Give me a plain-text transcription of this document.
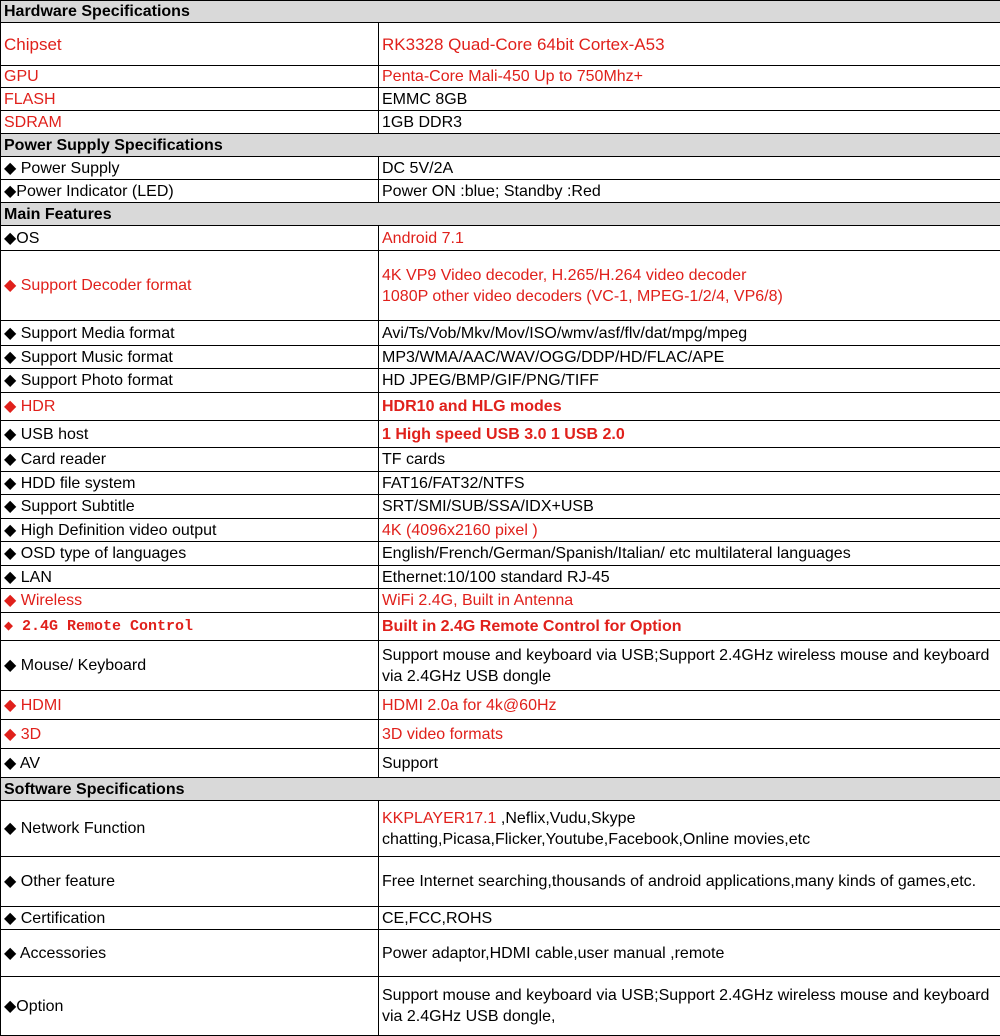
Hardware Specifications	
Chipset	RK3328 Quad-Core 64bit Cortex-A53
GPU	Penta-Core Mali-450 Up to 750Mhz+
FLASH	EMMC 8GB
SDRAM	1GB DDR3
Power Supply Specifications	
◆ Power Supply	DC 5V/2A
◆Power Indicator (LED)	Power ON :blue; Standby :Red
Main Features	
◆OS	Android 7.1
◆ Support Decoder format	4K VP9 Video decoder, H.265/H.264 video decoder
1080P other video decoders (VC-1, MPEG-1/2/4, VP6/8)
◆ Support Media format	Avi/Ts/Vob/Mkv/Mov/ISO/wmv/asf/flv/dat/mpg/mpeg
◆ Support Music format	MP3/WMA/AAC/WAV/OGG/DDP/HD/FLAC/APE
◆ Support Photo format	HD JPEG/BMP/GIF/PNG/TIFF
◆ HDR	HDR10 and HLG modes
◆ USB host	1 High speed USB 3.0 1 USB 2.0
◆ Card reader	TF cards
◆ HDD file system	FAT16/FAT32/NTFS
◆ Support Subtitle	SRT/SMI/SUB/SSA/IDX+USB
◆ High Definition video output	4K (4096x2160 pixel )
◆ OSD type of languages	English/French/German/Spanish/Italian/ etc multilateral languages
◆ LAN	Ethernet:10/100 standard RJ-45
◆ Wireless	WiFi 2.4G, Built in Antenna
◆ 2.4G Remote Control	Built in 2.4G Remote Control for Option
◆ Mouse/ Keyboard	Support mouse and keyboard via USB;Support 2.4GHz wireless mouse and keyboard via 2.4GHz USB dongle
◆ HDMI	HDMI 2.0a for 4k@60Hz
◆ 3D	3D video formats
◆ AV	Support
Software Specifications	
◆ Network Function	KKPLAYER17.1 ,Neflix,Vudu,Skype
chatting,Picasa,Flicker,Youtube,Facebook,Online movies,etc
◆ Other feature	Free Internet searching,thousands of android applications,many kinds of games,etc.
◆ Certification	CE,FCC,ROHS
◆ Accessories	Power adaptor,HDMI cable,user manual ,remote
◆Option	Support mouse and keyboard via USB;Support 2.4GHz wireless mouse and keyboard via 2.4GHz USB dongle,
